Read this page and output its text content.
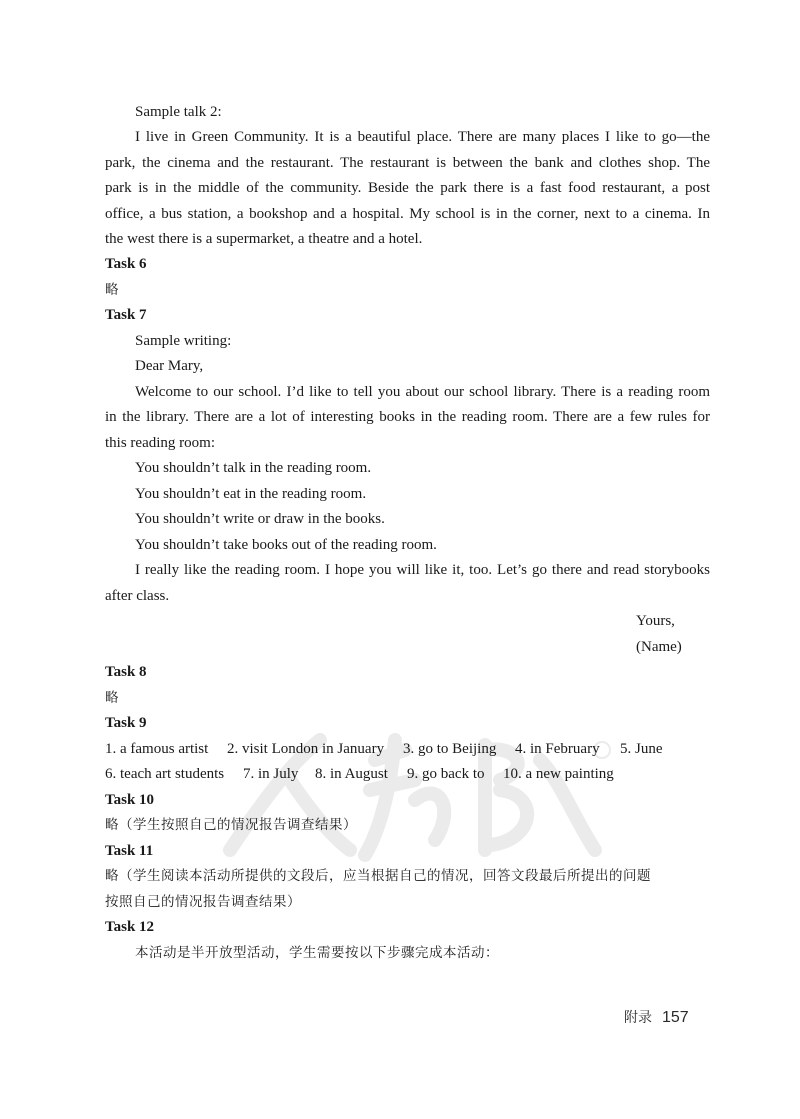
Sample talk 2:
I live in Green Community. It is a beautiful place. There are many places I like to go—the
park, the cinema and the restaurant. The restaurant is between the bank and clothes shop. The
park is in the middle of the community. Beside the park there is a fast food restaurant, a post
office, a bus station, a bookshop and a hospital. My school is in the corner, next to a cinema. In
the west there is a supermarket, a theatre and a hotel.
Task 6
略
Task 7
Sample writing:
Dear Mary,
Welcome to our school. I’d like to tell you about our school library. There is a reading room
in the library. There are a lot of interesting books in the reading room. There are a few rules for
this reading room:
You shouldn’t talk in the reading room.
You shouldn’t eat in the reading room.
You shouldn’t write or draw in the books.
You shouldn’t take books out of the reading room.
I really like the reading room. I hope you will like it, too. Let’s go there and read storybooks
after class.
Yours,
(Name)
Task 8
略
Task 9
1. a famous artist 2. visit London in January 3. go to Beijing 4. in February 5. June
6. teach art students 7. in July 8. in August 9. go back to 10. a new painting
Task 10
略（学生按照自己的情况报告调查结果）
Task 11
略（学生阅读本活动所提供的文段后，应当根据自己的情况，回答文段最后所提出的问题
按照自己的情况报告调查结果）
Task 12
本活动是半开放型活动，学生需要按以下步骤完成本活动：
附录 157
